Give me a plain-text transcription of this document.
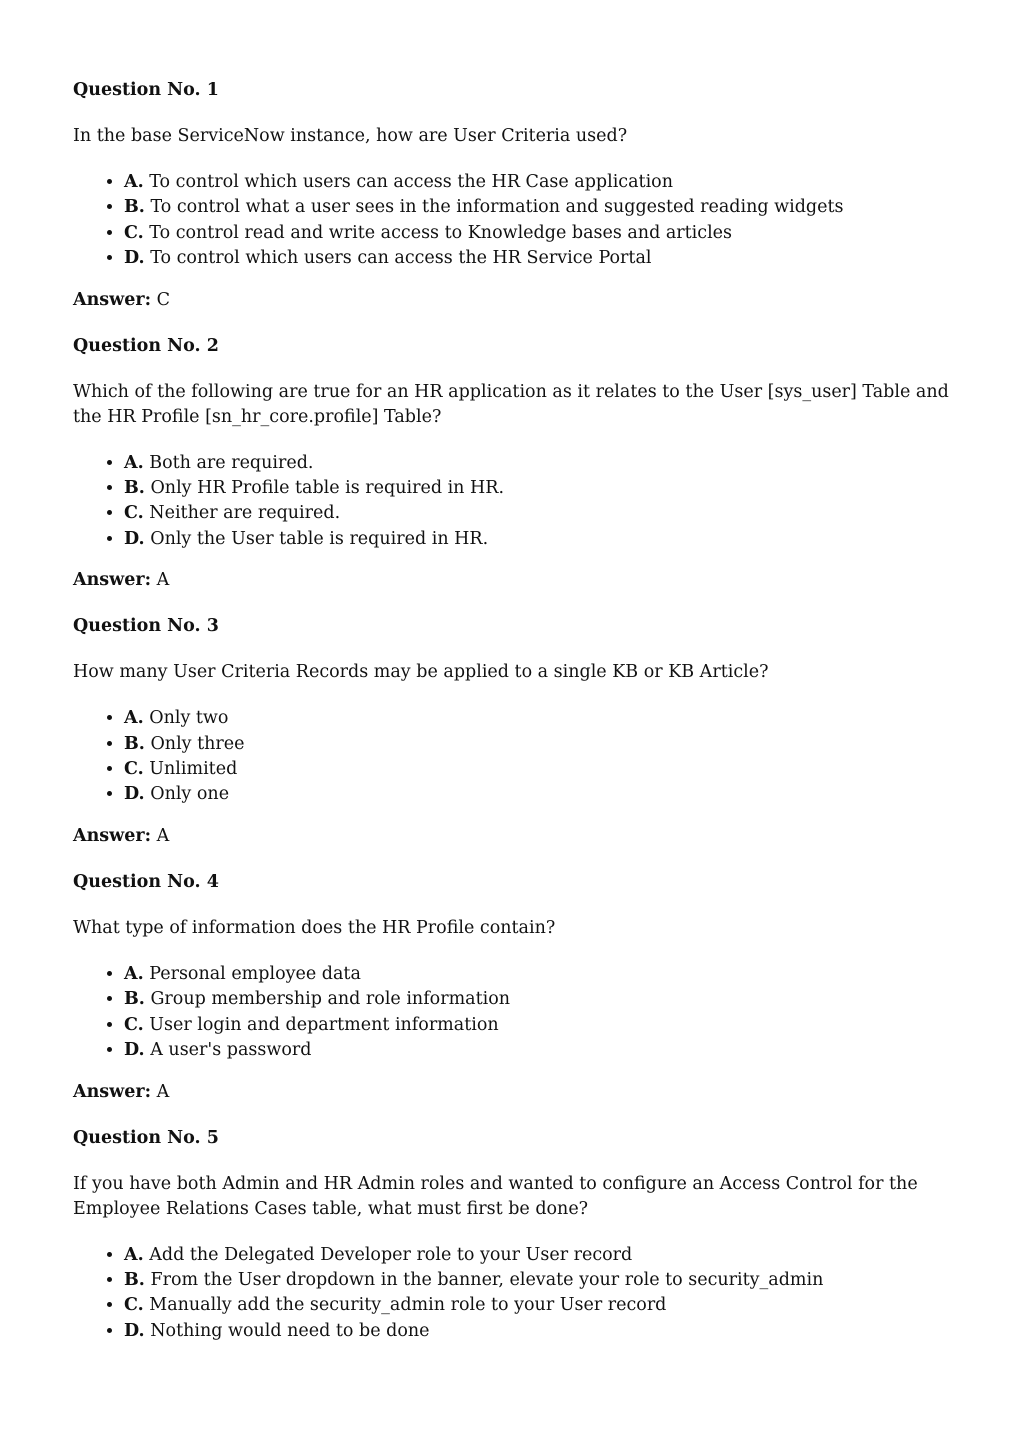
Question No. 1

In the base ServiceNow instance, how are User Criteria used?

• A. To control which users can access the HR Case application
• B. To control what a user sees in the information and suggested reading widgets
• C. To control read and write access to Knowledge bases and articles
• D. To control which users can access the HR Service Portal

Answer: C

Question No. 2

Which of the following are true for an HR application as it relates to the User [sys_user] Table and the HR Profile [sn_hr_core.profile] Table?

• A. Both are required.
• B. Only HR Profile table is required in HR.
• C. Neither are required.
• D. Only the User table is required in HR.

Answer: A

Question No. 3

How many User Criteria Records may be applied to a single KB or KB Article?

• A. Only two
• B. Only three
• C. Unlimited
• D. Only one

Answer: A

Question No. 4

What type of information does the HR Profile contain?

• A. Personal employee data
• B. Group membership and role information
• C. User login and department information
• D. A user's password

Answer: A

Question No. 5

If you have both Admin and HR Admin roles and wanted to configure an Access Control for the Employee Relations Cases table, what must first be done?

• A. Add the Delegated Developer role to your User record
• B. From the User dropdown in the banner, elevate your role to security_admin
• C. Manually add the security_admin role to your User record
• D. Nothing would need to be done
